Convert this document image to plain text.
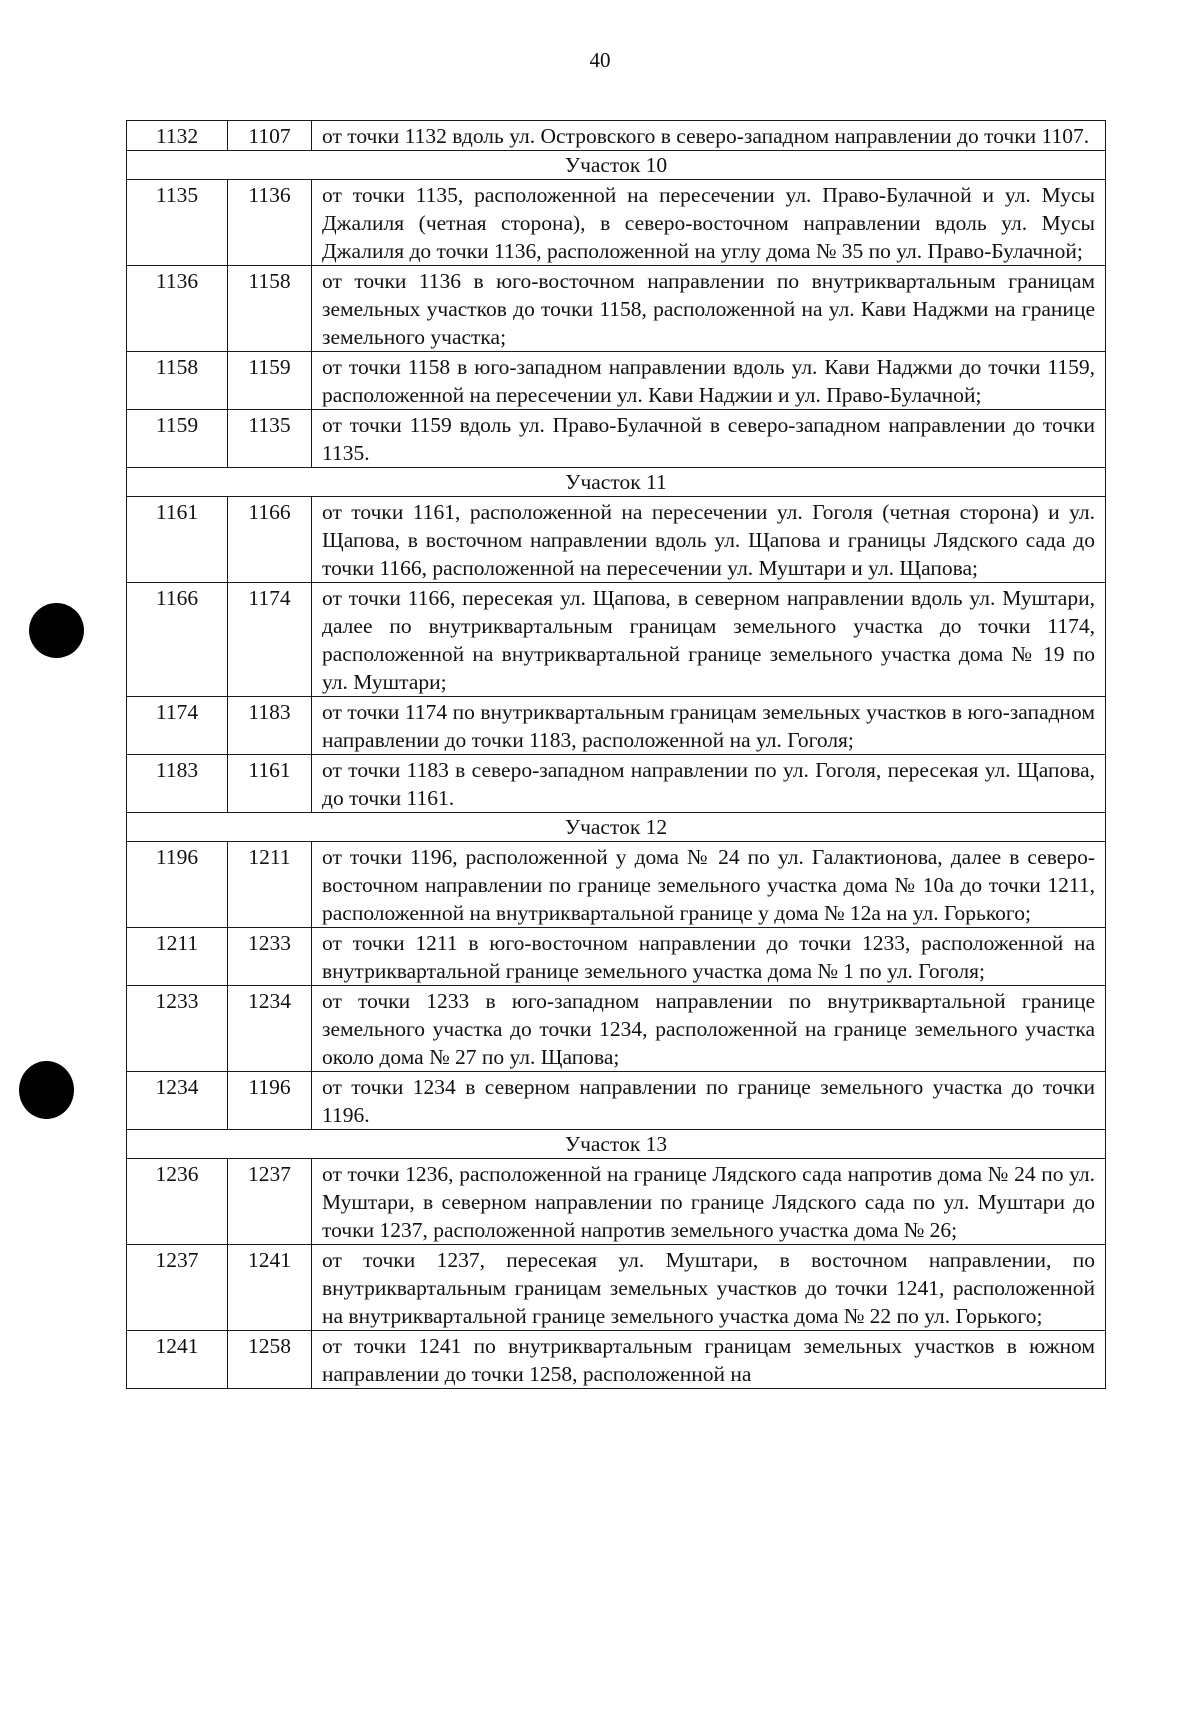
40
1132	1107	от точки 1132 вдоль ул. Островского в северо-западном направлении до точки 1107.
Участок 10		
1135	1136	от точки 1135, расположенной на пересечении ул. Право-Булачной и ул. Мусы Джалиля (четная сторона), в северо-восточном направлении вдоль ул. Мусы Джалиля до точки 1136, расположенной на углу дома № 35 по ул. Право-Булачной;
1136	1158	от точки 1136 в юго-восточном направлении по внутриквартальным границам земельных участков до точки 1158, расположенной на ул. Кави Наджми на границе земельного участка;
1158	1159	от точки 1158 в юго-западном направлении вдоль ул. Кави Наджми до точки 1159, расположенной на пересечении ул. Кави Наджии и ул. Право-Булачной;
1159	1135	от точки 1159 вдоль ул. Право-Булачной в северо-западном направлении до точки 1135.
Участок 11		
1161	1166	от точки 1161, расположенной на пересечении ул. Гоголя (четная сторона) и ул. Щапова, в восточном направлении вдоль ул. Щапова и границы Лядского сада до точки 1166, расположенной на пересечении ул. Муштари и ул. Щапова;
1166	1174	от точки 1166, пересекая ул. Щапова, в северном направлении вдоль ул. Муштари, далее по внутриквартальным границам земельного участка до точки 1174, расположенной на внутриквартальной границе земельного участка дома № 19 по ул. Муштари;
1174	1183	от точки 1174 по внутриквартальным границам земельных участков в юго-западном направлении до точки 1183, расположенной на ул. Гоголя;
1183	1161	от точки 1183 в северо-западном направлении по ул. Гоголя, пересекая ул. Щапова, до точки 1161.
Участок 12		
1196	1211	от точки 1196, расположенной у дома № 24 по ул. Галактионова, далее в северо-восточном направлении по границе земельного участка дома № 10а до точки 1211, расположенной на внутриквартальной границе у дома № 12а на ул. Горького;
1211	1233	от точки 1211 в юго-восточном направлении до точки 1233, расположенной на внутриквартальной границе земельного участка дома № 1 по ул. Гоголя;
1233	1234	от точки 1233 в юго-западном направлении по внутриквартальной границе земельного участка до точки 1234, расположенной на границе земельного участка около дома № 27 по ул. Щапова;
1234	1196	от точки 1234 в северном направлении по границе земельного участка до точки 1196.
Участок 13		
1236	1237	от точки 1236, расположенной на границе Лядского сада напротив дома № 24 по ул. Муштари, в северном направлении по границе Лядского сада по ул. Муштари до точки 1237, расположенной напротив земельного участка дома № 26;
1237	1241	от точки 1237, пересекая ул. Муштари, в восточном направлении, по внутриквартальным границам земельных участков до точки 1241, расположенной на внутриквартальной границе земельного участка дома № 22 по ул. Горького;
1241	1258	от точки 1241 по внутриквартальным границам земельных участков в южном направлении до точки 1258, расположенной на
